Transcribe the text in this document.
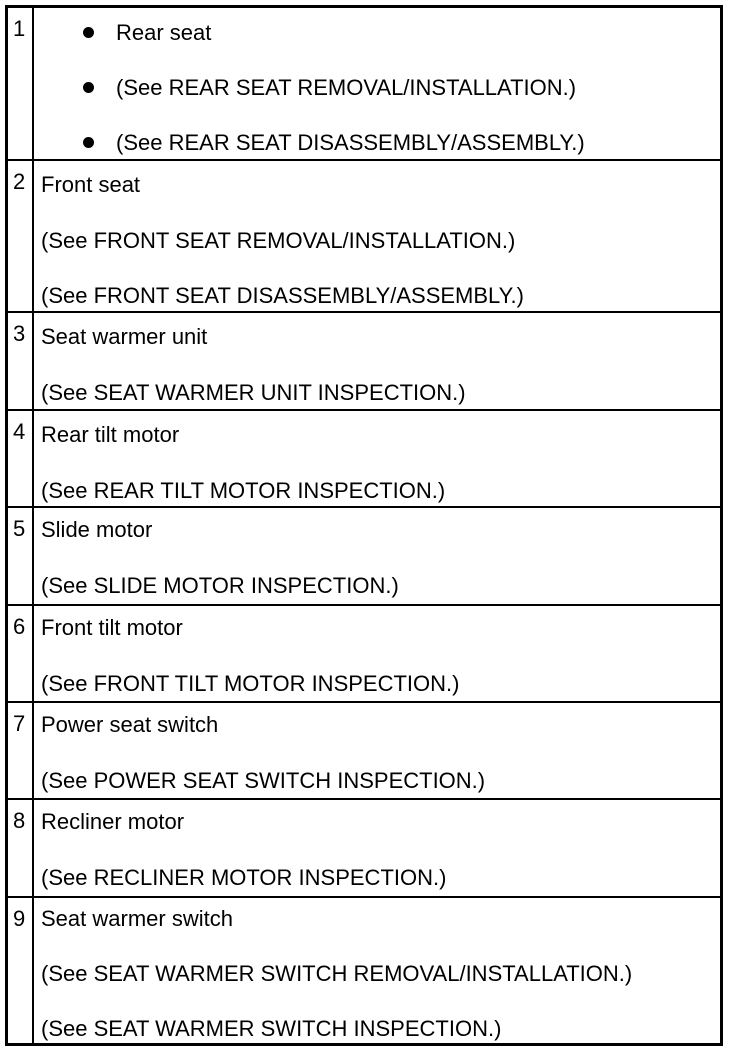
1	Rear seat
(See REAR SEAT REMOVAL/INSTALLATION.)
(See REAR SEAT DISASSEMBLY/ASSEMBLY.)
2 Front seat
(See FRONT SEAT REMOVAL/INSTALLATION.)
(See FRONT SEAT DISASSEMBLY/ASSEMBLY.)
3 Seat warmer unit
(See SEAT WARMER UNIT INSPECTION.)
4 Rear tilt motor
(See REAR TILT MOTOR INSPECTION.)
5 Slide motor
(See SLIDE MOTOR INSPECTION.)
6 Front tilt motor
(See FRONT TILT MOTOR INSPECTION.)
7 Power seat switch
(See POWER SEAT SWITCH INSPECTION.)
8 Recliner motor
(See RECLINER MOTOR INSPECTION.)
9 Seat warmer switch
(See SEAT WARMER SWITCH REMOVAL/INSTALLATION.)
(See SEAT WARMER SWITCH INSPECTION.)
